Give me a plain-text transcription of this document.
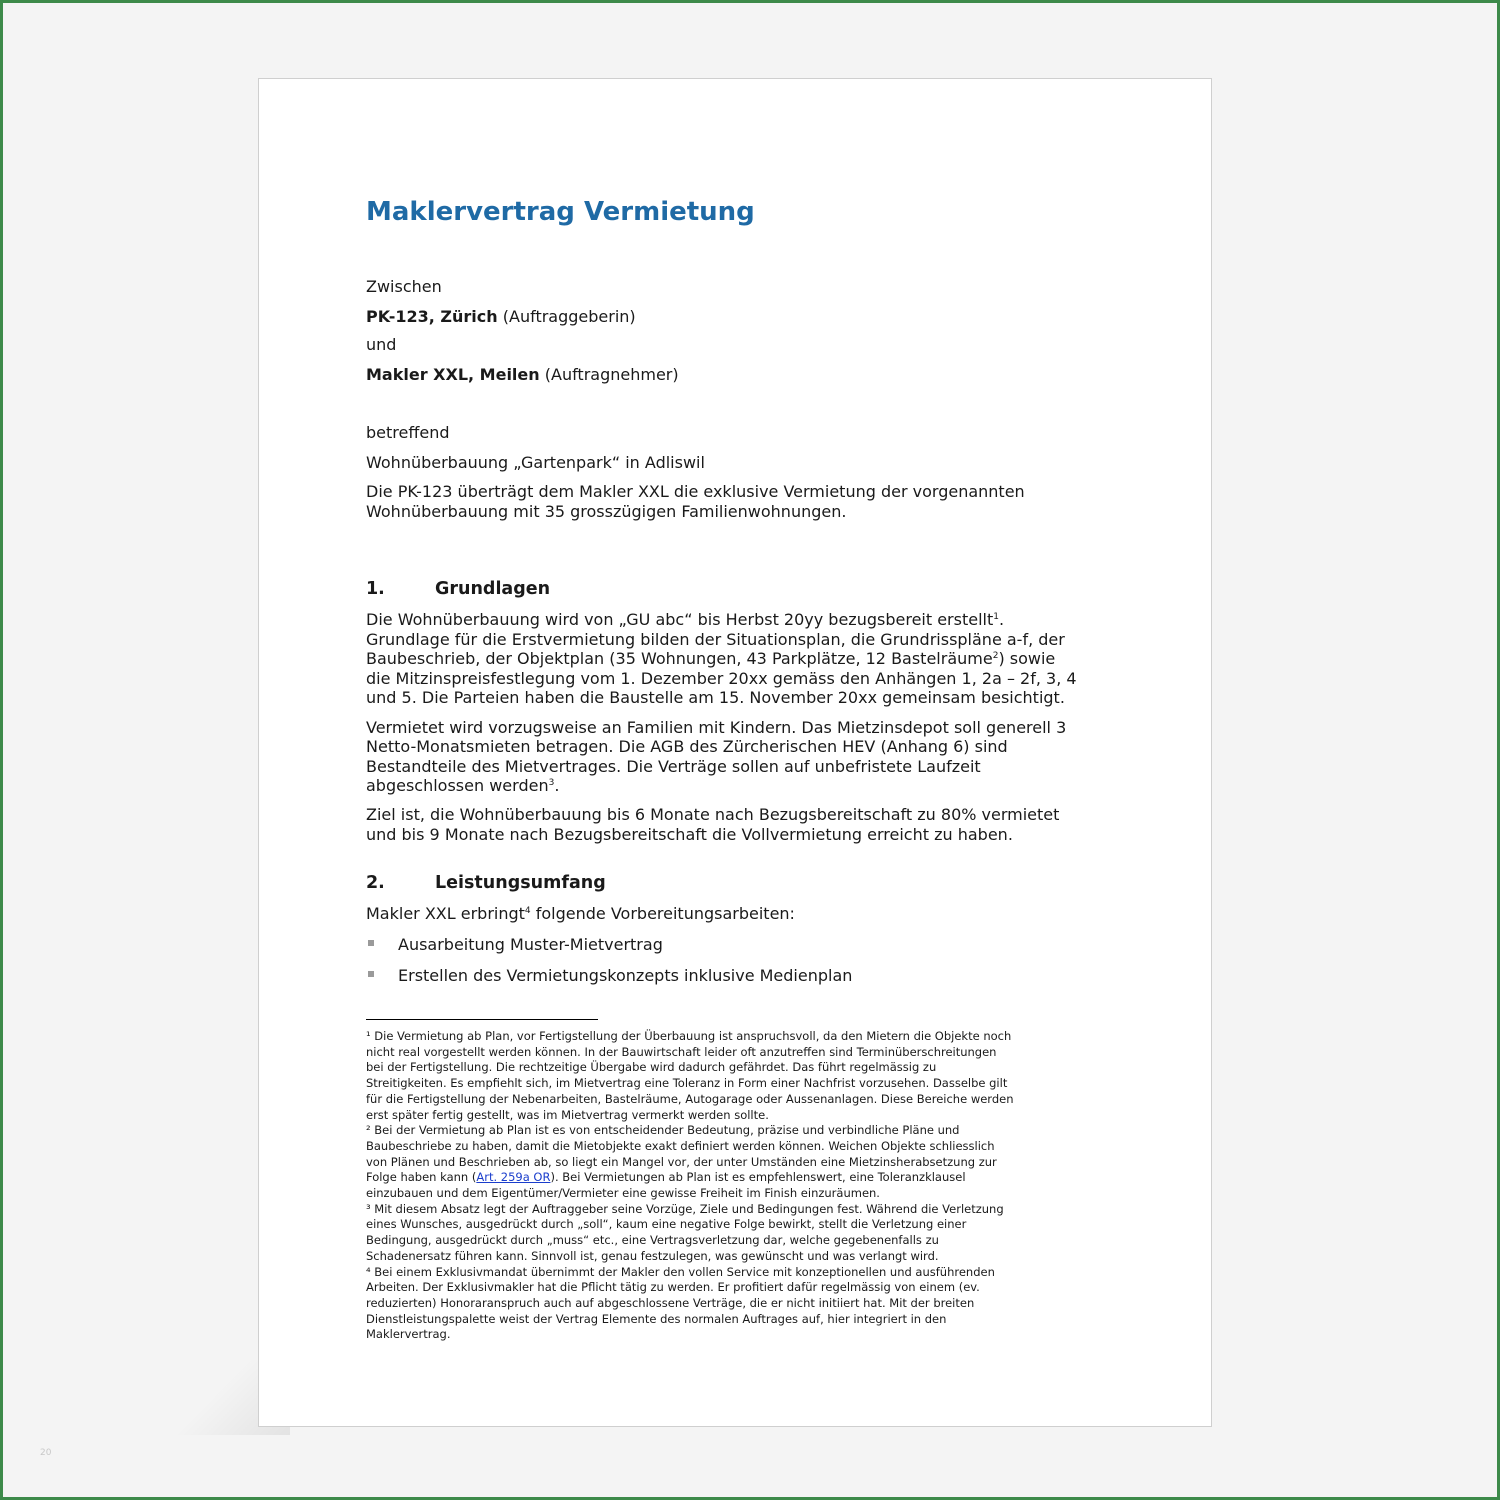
Maklervertrag Vermietung
Zwischen
PK-123, Zürich (Auftraggeberin)
und
Makler XXL, Meilen (Auftragnehmer)
betreffend
Wohnüberbauung „Gartenpark“ in Adliswil
Die PK-123 überträgt dem Makler XXL die exklusive Vermietung der vorgenannten
Wohnüberbauung mit 35 grosszügigen Familienwohnungen.
1.	Grundlagen
Die Wohnüberbauung wird von „GU abc“ bis Herbst 20yy bezugsbereit erstellt$^1$.
Grundlage für die Erstvermietung bilden der Situationsplan, die Grundrisspläne a-f, der
Baubeschrieb, der Objektplan (35 Wohnungen, 43 Parkplätze, 12 Bastelräume$^2$) sowie
die Mitzinspreisfestlegung vom 1. Dezember 20xx gemäss den Anhängen 1, 2a – 2f, 3, 4
und 5. Die Parteien haben die Baustelle am 15. November 20xx gemeinsam besichtigt.
Vermietet wird vorzugsweise an Familien mit Kindern. Das Mietzinsdepot soll generell 3
Netto-Monatsmieten betragen. Die AGB des Zürcherischen HEV (Anhang 6) sind
Bestandteile des Mietvertrages. Die Verträge sollen auf unbefristete Laufzeit
abgeschlossen werden$^3$.
Ziel ist, die Wohnüberbauung bis 6 Monate nach Bezugsbereitschaft zu 80% vermietet
und bis 9 Monate nach Bezugsbereitschaft die Vollvermietung erreicht zu haben.
2.	Leistungsumfang
Makler XXL erbringt$^4$ folgende Vorbereitungsarbeiten:
Ausarbeitung Muster-Mietvertrag
Erstellen des Vermietungskonzepts inklusive Medienplan
¹ Die Vermietung ab Plan, vor Fertigstellung der Überbauung ist anspruchsvoll, da den Mietern die Objekte noch
nicht real vorgestellt werden können. In der Bauwirtschaft leider oft anzutreffen sind Terminüberschreitungen
bei der Fertigstellung. Die rechtzeitige Übergabe wird dadurch gefährdet. Das führt regelmässig zu
Streitigkeiten. Es empfiehlt sich, im Mietvertrag eine Toleranz in Form einer Nachfrist vorzusehen. Dasselbe gilt
für die Fertigstellung der Nebenarbeiten, Bastelräume, Autogarage oder Aussenanlagen. Diese Bereiche werden
erst später fertig gestellt, was im Mietvertrag vermerkt werden sollte.
² Bei der Vermietung ab Plan ist es von entscheidender Bedeutung, präzise und verbindliche Pläne und
Baubeschriebe zu haben, damit die Mietobjekte exakt definiert werden können. Weichen Objekte schliesslich
von Plänen und Beschrieben ab, so liegt ein Mangel vor, der unter Umständen eine Mietzinsherabsetzung zur
Folge haben kann (Art. 259a OR). Bei Vermietungen ab Plan ist es empfehlenswert, eine Toleranzklausel
einzubauen und dem Eigentümer/Vermieter eine gewisse Freiheit im Finish einzuräumen.
³ Mit diesem Absatz legt der Auftraggeber seine Vorzüge, Ziele und Bedingungen fest. Während die Verletzung
eines Wunsches, ausgedrückt durch „soll“, kaum eine negative Folge bewirkt, stellt die Verletzung einer
Bedingung, ausgedrückt durch „muss“ etc., eine Vertragsverletzung dar, welche gegebenenfalls zu
Schadenersatz führen kann. Sinnvoll ist, genau festzulegen, was gewünscht und was verlangt wird.
⁴ Bei einem Exklusivmandat übernimmt der Makler den vollen Service mit konzeptionellen und ausführenden
Arbeiten. Der Exklusivmakler hat die Pflicht tätig zu werden. Er profitiert dafür regelmässig von einem (ev.
reduzierten) Honoraranspruch auch auf abgeschlossene Verträge, die er nicht initiiert hat. Mit der breiten
Dienstleistungspalette weist der Vertrag Elemente des normalen Auftrages auf, hier integriert in den
Maklervertrag.
20
